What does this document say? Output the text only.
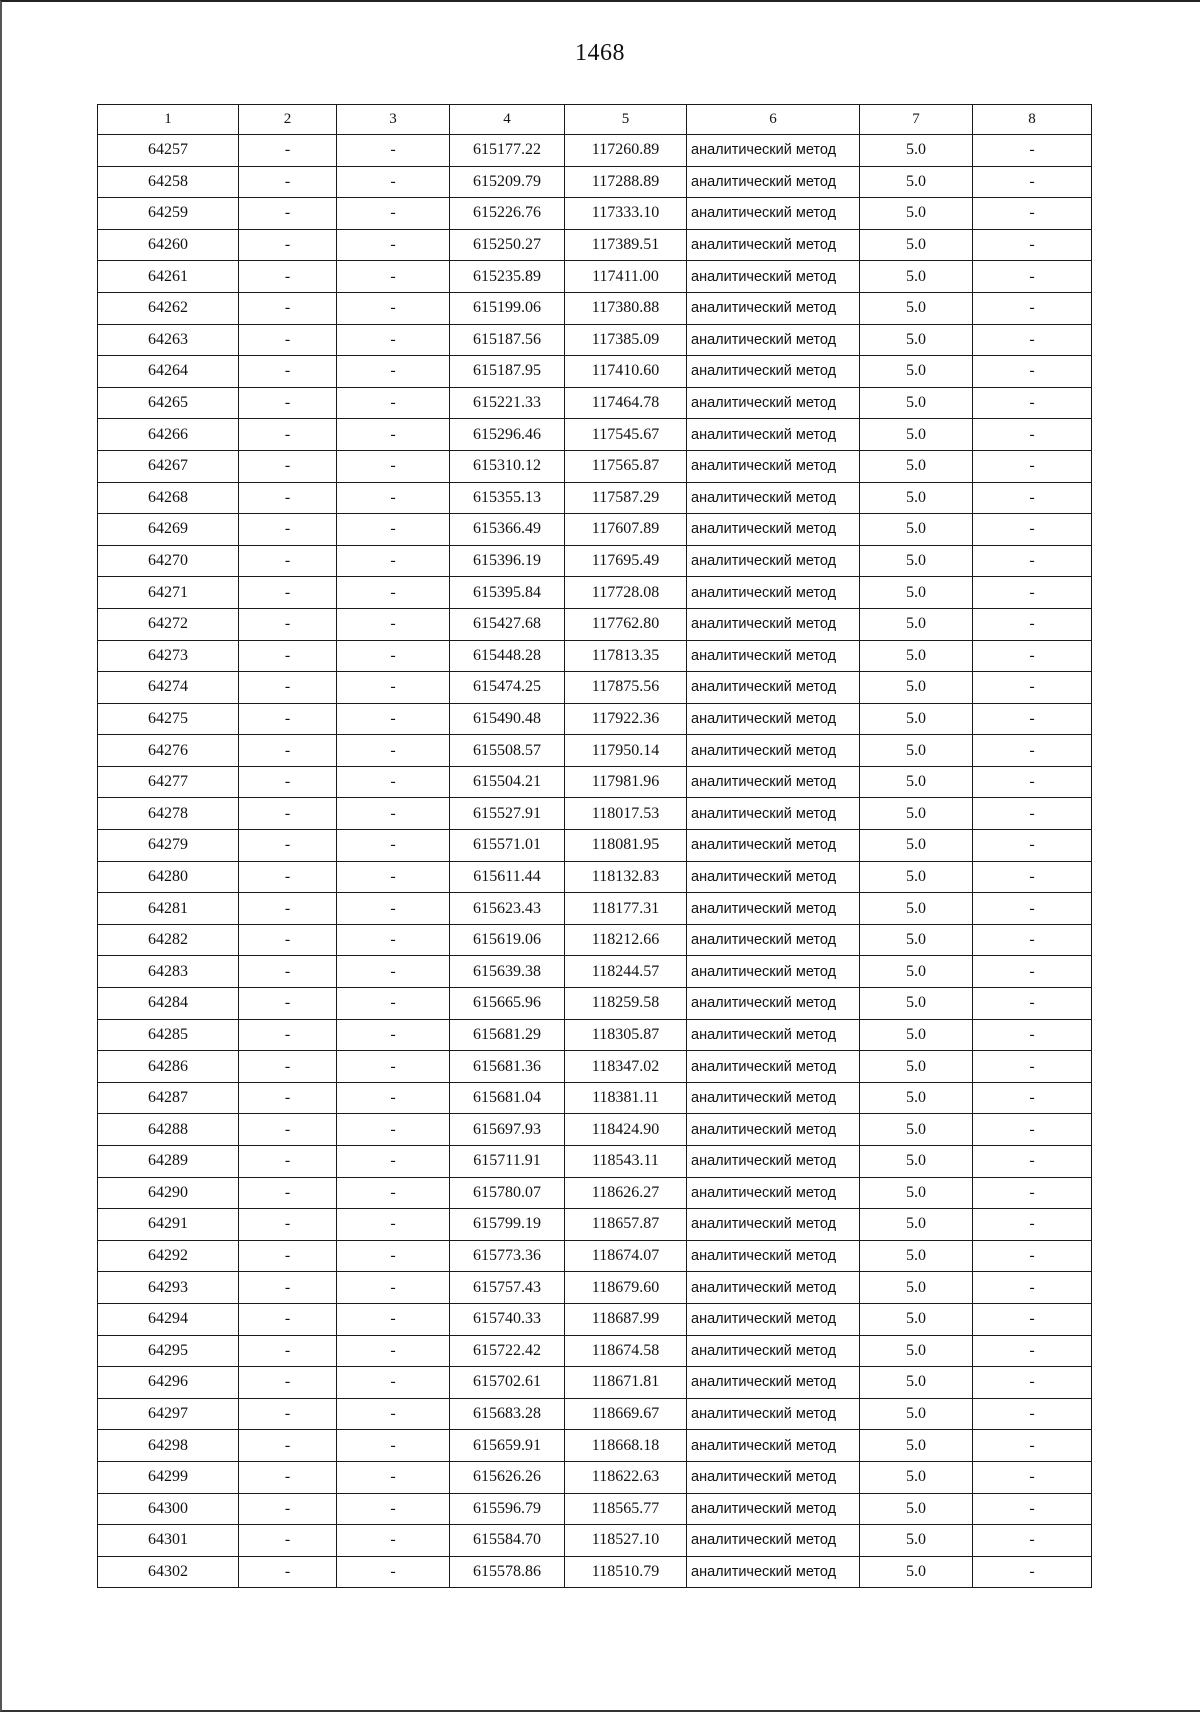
1468
1	2	3	4	5	6	7	8
64257	-	-	615177.22	117260.89	аналитический метод	5.0	-
64258	-	-	615209.79	117288.89	аналитический метод	5.0	-
64259	-	-	615226.76	117333.10	аналитический метод	5.0	-
64260	-	-	615250.27	117389.51	аналитический метод	5.0	-
64261	-	-	615235.89	117411.00	аналитический метод	5.0	-
64262	-	-	615199.06	117380.88	аналитический метод	5.0	-
64263	-	-	615187.56	117385.09	аналитический метод	5.0	-
64264	-	-	615187.95	117410.60	аналитический метод	5.0	-
64265	-	-	615221.33	117464.78	аналитический метод	5.0	-
64266	-	-	615296.46	117545.67	аналитический метод	5.0	-
64267	-	-	615310.12	117565.87	аналитический метод	5.0	-
64268	-	-	615355.13	117587.29	аналитический метод	5.0	-
64269	-	-	615366.49	117607.89	аналитический метод	5.0	-
64270	-	-	615396.19	117695.49	аналитический метод	5.0	-
64271	-	-	615395.84	117728.08	аналитический метод	5.0	-
64272	-	-	615427.68	117762.80	аналитический метод	5.0	-
64273	-	-	615448.28	117813.35	аналитический метод	5.0	-
64274	-	-	615474.25	117875.56	аналитический метод	5.0	-
64275	-	-	615490.48	117922.36	аналитический метод	5.0	-
64276	-	-	615508.57	117950.14	аналитический метод	5.0	-
64277	-	-	615504.21	117981.96	аналитический метод	5.0	-
64278	-	-	615527.91	118017.53	аналитический метод	5.0	-
64279	-	-	615571.01	118081.95	аналитический метод	5.0	-
64280	-	-	615611.44	118132.83	аналитический метод	5.0	-
64281	-	-	615623.43	118177.31	аналитический метод	5.0	-
64282	-	-	615619.06	118212.66	аналитический метод	5.0	-
64283	-	-	615639.38	118244.57	аналитический метод	5.0	-
64284	-	-	615665.96	118259.58	аналитический метод	5.0	-
64285	-	-	615681.29	118305.87	аналитический метод	5.0	-
64286	-	-	615681.36	118347.02	аналитический метод	5.0	-
64287	-	-	615681.04	118381.11	аналитический метод	5.0	-
64288	-	-	615697.93	118424.90	аналитический метод	5.0	-
64289	-	-	615711.91	118543.11	аналитический метод	5.0	-
64290	-	-	615780.07	118626.27	аналитический метод	5.0	-
64291	-	-	615799.19	118657.87	аналитический метод	5.0	-
64292	-	-	615773.36	118674.07	аналитический метод	5.0	-
64293	-	-	615757.43	118679.60	аналитический метод	5.0	-
64294	-	-	615740.33	118687.99	аналитический метод	5.0	-
64295	-	-	615722.42	118674.58	аналитический метод	5.0	-
64296	-	-	615702.61	118671.81	аналитический метод	5.0	-
64297	-	-	615683.28	118669.67	аналитический метод	5.0	-
64298	-	-	615659.91	118668.18	аналитический метод	5.0	-
64299	-	-	615626.26	118622.63	аналитический метод	5.0	-
64300	-	-	615596.79	118565.77	аналитический метод	5.0	-
64301	-	-	615584.70	118527.10	аналитический метод	5.0	-
64302	-	-	615578.86	118510.79	аналитический метод	5.0	-
